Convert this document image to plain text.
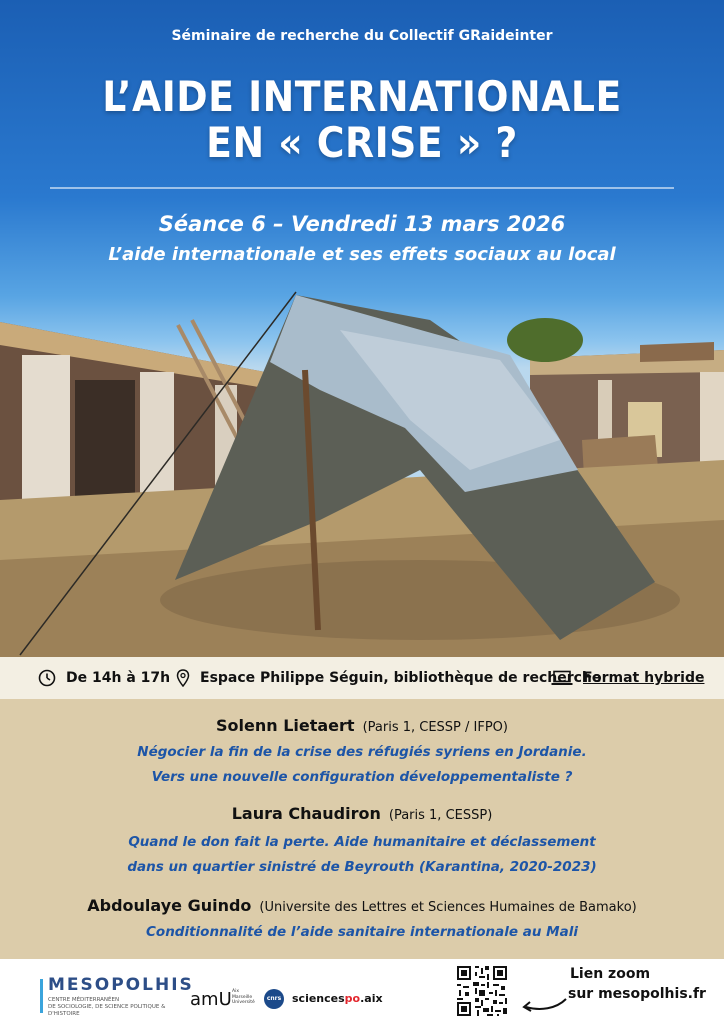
Séminaire de recherche du Collectif GRaideinter
L’AIDE INTERNATIONALE
EN « CRISE » ?
Séance 6 – Vendredi 13 mars 2026
L’aide internationale et ses effets sociaux au local
De 14h à 17h Espace Philippe Séguin, bibliothèque de recherche
Format hybride
Solenn Lietaert (Paris 1, CESSP / IFPO)
Négocier la fin de la crise des réfugiés syriens en Jordanie.
Vers une nouvelle configuration développementaliste ?
Laura Chaudiron (Paris 1, CESSP)
Quand le don fait la perte. Aide humanitaire et déclassement
dans un quartier sinistré de Beyrouth (Karantina, 2020-2023)
Abdoulaye Guindo (Universite des Lettres et Sciences Humaines de Bamako)
Conditionnalité de l’aide sanitaire internationale au Mali
MESOPOLHIS
CENTRE MÉDITERRANÉEN
DE SOCIOLOGIE, DE SCIENCE POLITIQUE & D'HISTOIRE
amU Aix
Marseille
Université
cnrs sciencespo.aix
Lien zoom
sur mesopolhis.fr
